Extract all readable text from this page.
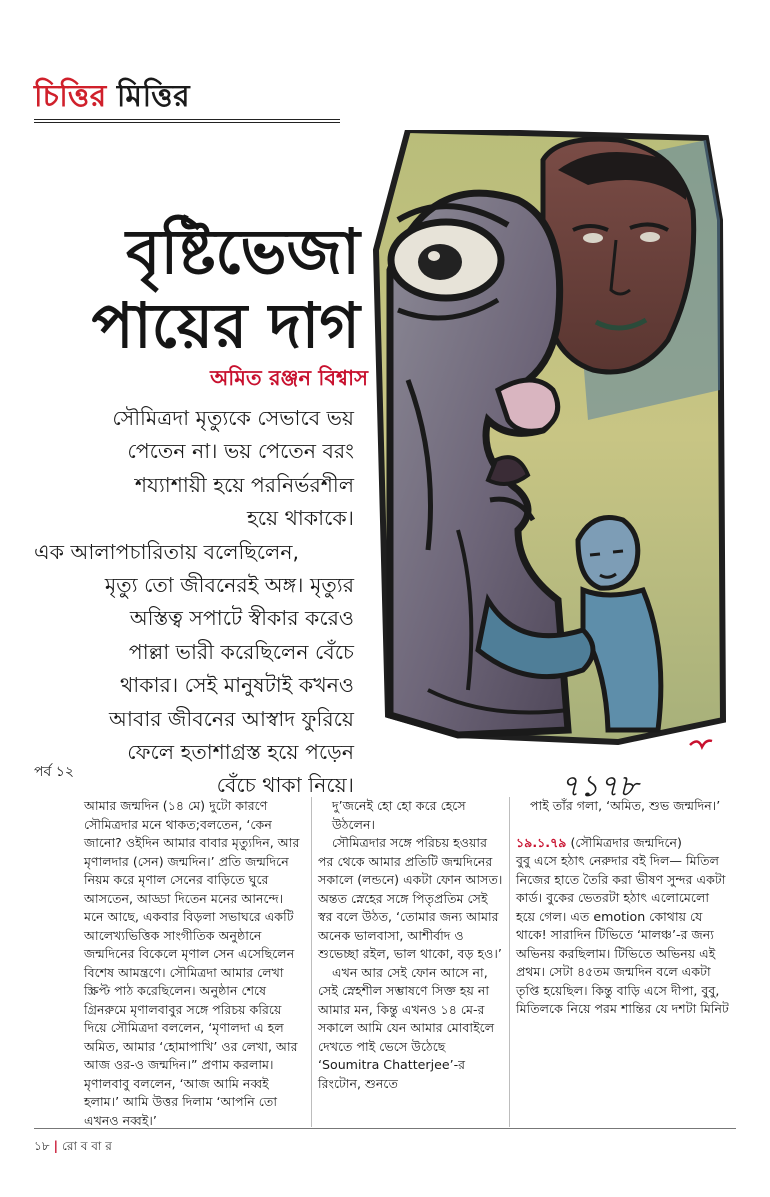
চিত্তির মিত্তির
বৃষ্টিভেজা
পায়ের দাগ
অমিত রঞ্জন বিশ্বাস

সৌমিত্রদা মৃত্যুকে সেভাবে ভয়

পেতেন না। ভয় পেতেন বরং

শয্যাশায়ী হয়ে পরনির্ভরশীল

হয়ে থাকাকে।

এক আলাপচারিতায় বলেছিলেন,

মৃত্যু তো জীবনেরই অঙ্গ। মৃত্যুর

অস্তিত্ব সপাটে স্বীকার করেও

পাল্লা ভারী করেছিলেন বেঁচে

থাকার। সেই মানুষটাই কখনও

আবার জীবনের আস্বাদ ফুরিয়ে

ফেলে হতাশাগ্রস্ত হয়ে পড়েন

বেঁচে থাকা নিয়ে।	৭১৭৮
পর্ব ১২

আমার জন্মদিন (১৪ মে) দুটো কারণে সৌমিত্রদার মনে থাকত;বলতেন, ‘কেন জানো? ওইদিন আমার বাবার মৃত্যুদিন, আর মৃণালদার (সেন) জন্মদিন।’ প্রতি জন্মদিনে নিয়ম করে মৃণাল সেনের বাড়িতে ঘুরে আসতেন, আড্ডা দিতেন মনের আনন্দে। মনে আছে, একবার বিড়লা সভাঘরে একটি আলেখ্যভিত্তিক সাংগীতিক অনুষ্ঠানে জন্মদিনের বিকেলে মৃণাল সেন এসেছিলেন বিশেষ আমন্ত্রণে। সৌমিত্রদা আমার লেখা স্ক্রিপ্ট পাঠ করেছিলেন। অনুষ্ঠান শেষে গ্রিনরুমে মৃণালবাবুর সঙ্গে পরিচয় করিয়ে দিয়ে সৌমিত্রদা বললেন, ‘মৃণালদা এ হল অমিত, আমার ‘হোমাপাখি’ ওর লেখা, আর আজ ওর-ও জন্মদিন।” প্রণাম করলাম। মৃণালবাবু বললেন, ‘আজ আমি নব্বই হলাম।’ আমি উত্তর দিলাম ‘আপনি তো এখনও নব্বই।’

দু’জনেই হো হো করে হেসে উঠলেন।

সৌমিত্রদার সঙ্গে পরিচয় হওয়ার পর থেকে আমার প্রতিটি জন্মদিনের সকালে (লন্ডনে) একটা ফোন আসত। অন্তত স্নেহের সঙ্গে পিতৃপ্রতিম সেই স্বর বলে উঠত, ‘তোমার জন্য আমার অনেক ভালবাসা, আশীর্বাদ ও শুভেচ্ছা রইল, ভাল থাকো, বড় হও।’

এখন আর সেই ফোন আসে না, সেই স্নেহশীল সম্ভাষণে সিক্ত হয় না আমার মন, কিন্তু এখনও ১৪ মে-র সকালে আমি যেন আমার মোবাইলে দেখতে পাই ভেসে উঠেছে ‘Soumitra Chatterjee’-র রিংটোন, শুনতে

পাই তাঁর গলা, ‘অমিত, শুভ জন্মদিন।’

১৯.১.৭৯ (সৌমিত্রদার জন্মদিনে)

বুবু এসে হঠাৎ নেরুদার বই দিল— মিতিল নিজের হাতে তৈরি করা ভীষণ সুন্দর একটা কার্ড। বুকের ভেতরটা হঠাৎ এলোমেলো হয়ে গেল। এত emotion কোথায় যে থাকে! সারাদিন টিভিতে ‘মালঞ্চ’-র জন্য অভিনয় করছিলাম। টিভিতে অভিনয় এই প্রথম। সেটা ৪৫তম জন্মদিন বলে একটা তৃপ্তি হয়েছিল। কিন্তু বাড়ি এসে দীপা, বুবু, মিতিলকে নিয়ে পরম শান্তির যে দশটা মিনিট

১৮ | রো ব বা র
